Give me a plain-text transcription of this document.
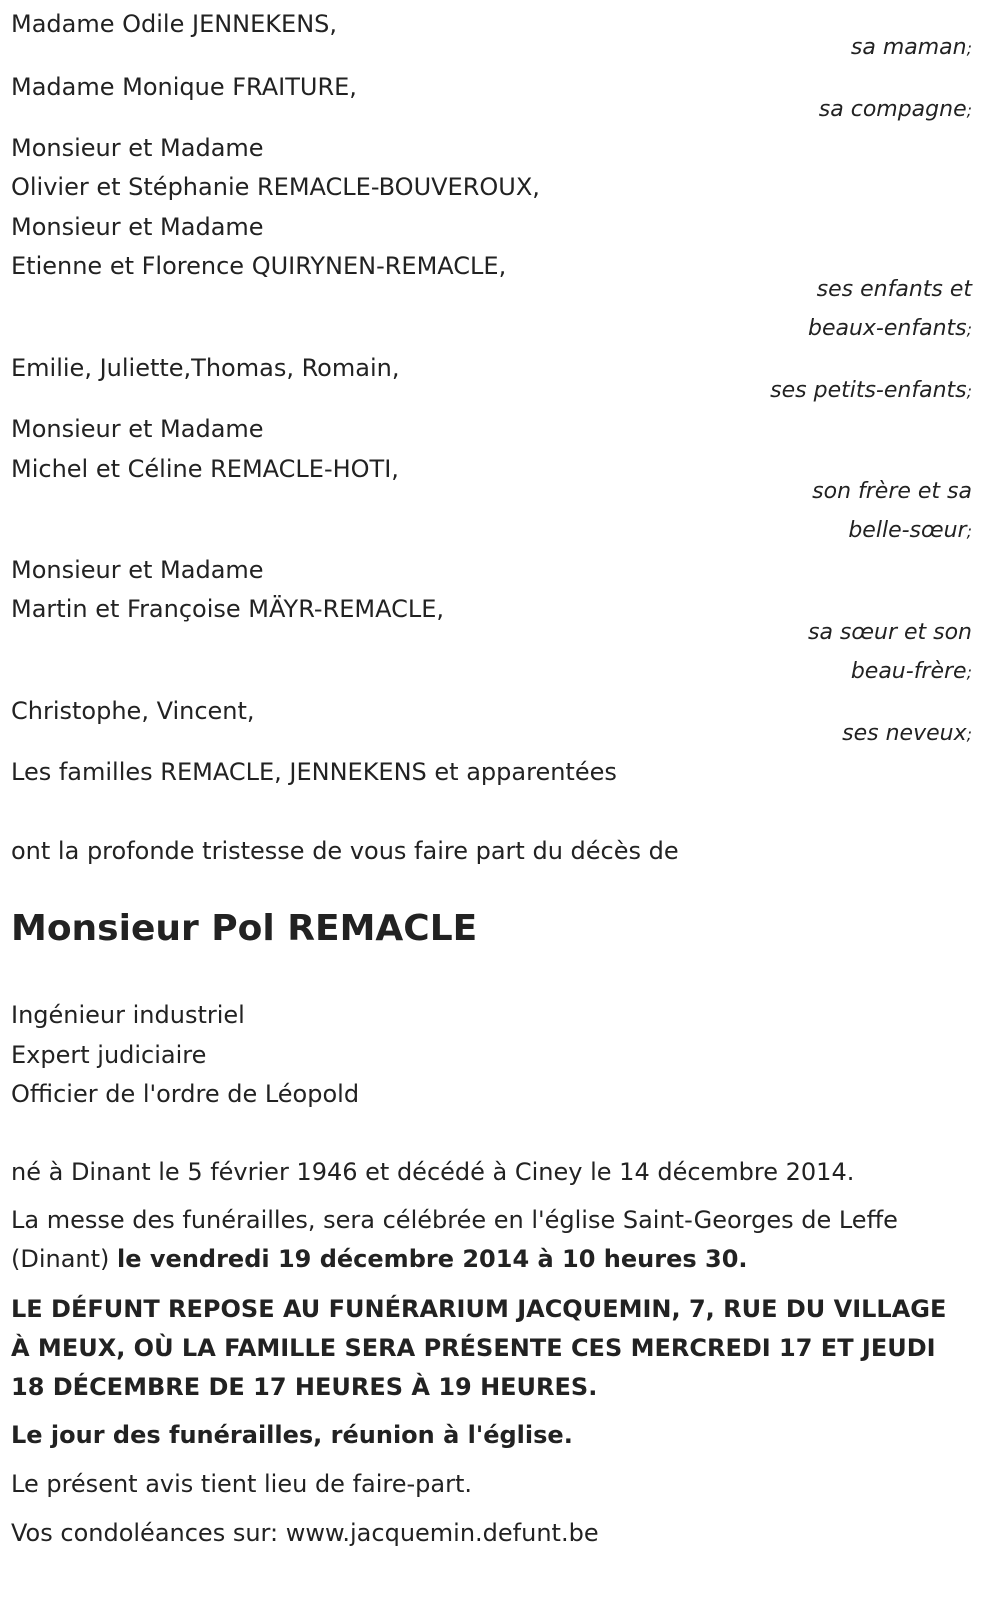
Madame Odile JENNEKENS,
sa maman;
Madame Monique FRAITURE,
sa compagne;
Monsieur et Madame
Olivier et Stéphanie REMACLE-BOUVEROUX,
Monsieur et Madame
Etienne et Florence QUIRYNEN-REMACLE,
ses enfants et
beaux-enfants;
Emilie, Juliette,Thomas, Romain,
ses petits-enfants;
Monsieur et Madame
Michel et Céline REMACLE-HOTI,
son frère et sa
belle-sœur;
Monsieur et Madame
Martin et Françoise MÄYR-REMACLE,
sa sœur et son
beau-frère;
Christophe, Vincent,
ses neveux;
Les familles REMACLE, JENNEKENS et apparentées
ont la profonde tristesse de vous faire part du décès de
Monsieur Pol REMACLE
Ingénieur industriel
Expert judiciaire
Officier de l'ordre de Léopold
né à Dinant le 5 février 1946 et décédé à Ciney le 14 décembre 2014.
La messe des funérailles, sera célébrée en l'église Saint-Georges de Leffe (Dinant) le vendredi 19 décembre 2014 à 10 heures 30.
LE DÉFUNT REPOSE AU FUNÉRARIUM JACQUEMIN, 7, RUE DU VILLAGE À MEUX, OÙ LA FAMILLE SERA PRÉSENTE CES MERCREDI 17 ET JEUDI 18 DÉCEMBRE DE 17 HEURES À 19 HEURES.
Le jour des funérailles, réunion à l'église.
Le présent avis tient lieu de faire-part.
Vos condoléances sur: www.jacquemin.defunt.be
